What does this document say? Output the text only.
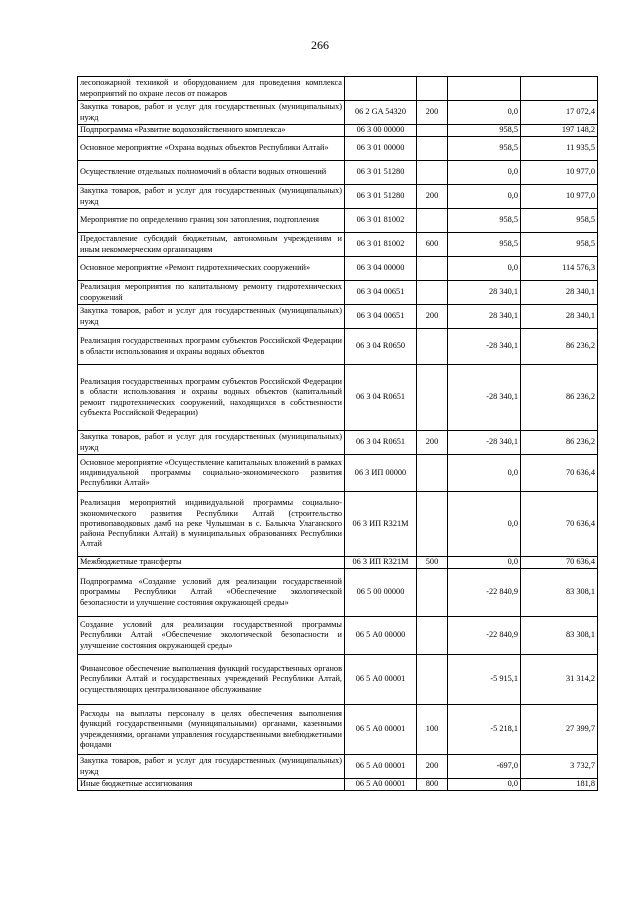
266
лесопожарной техникой и оборудованием для проведения комплекса мероприятий по охране лесов от пожаров				
Закупка товаров, работ и услуг для государственных (муниципальных) нужд	06 2 GA 54320	200	0,0	17 072,4
Подпрограмма «Развитие водохозяйственного комплекса»	06 3 00 00000		958,5	197 148,2
Основное мероприятие «Охрана водных объектов Республики Алтай»	06 3 01 00000		958,5	11 935,5
Осуществление отдельных полномочий в области водных отношений	06 3 01 51280		0,0	10 977,0
Закупка товаров, работ и услуг для государственных (муниципальных) нужд	06 3 01 51280	200	0,0	10 977,0
Мероприятие по определению границ зон затопления, подтопления	06 3 01 81002		958,5	958,5
Предоставление субсидий бюджетным, автономным учреждениям и иным некоммерческим организациям	06 3 01 81002	600	958,5	958,5
Основное мероприятие «Ремонт гидротехнических сооружений»	06 3 04 00000		0,0	114 576,3
Реализация мероприятия по капитальному ремонту гидротехнических сооружений	06 3 04 00651		28 340,1	28 340,1
Закупка товаров, работ и услуг для государственных (муниципальных) нужд	06 3 04 00651	200	28 340,1	28 340,1
Реализация государственных программ субъектов Российской Федерации в области использования и охраны водных объектов	06 3 04 R0650		-28 340,1	86 236,2
Реализация государственных программ субъектов Российской Федерации в области использования и охраны водных объектов (капитальный ремонт гидротехнических сооружений, находящихся в собственности субъекта Российской Федерации)	06 3 04 R0651		-28 340,1	86 236,2
Закупка товаров, работ и услуг для государственных (муниципальных) нужд	06 3 04 R0651	200	-28 340,1	86 236,2
Основное мероприятие «Осуществление капитальных вложений в рамках индивидуальной программы социально-экономического развития Республики Алтай»	06 3 ИП 00000		0,0	70 636,4
Реализация мероприятий индивидуальной программы социально-экономического развития Республики Алтай (строительство противопаводковых дамб на реке Чулышман в с. Балыкча Улаганского района Республики Алтай) в муниципальных образованиях Республики Алтай	06 3 ИП R321M		0,0	70 636,4
Межбюджетные трансферты	06 3 ИП R321M	500	0,0	70 636,4
Подпрограмма «Создание условий для реализации государственной программы Республики Алтай «Обеспечение экологической безопасности и улучшение состояния окружающей среды»	06 5 00 00000		-22 840,9	83 308,1
Создание условий для реализации государственной программы Республики Алтай «Обеспечение экологической безопасности и улучшение состояния окружающей среды»	06 5 А0 00000		-22 840,9	83 308,1
Финансовое обеспечение выполнения функций государственных органов Республики Алтай и государственных учреждений Республики Алтай, осуществляющих централизованное обслуживание	06 5 А0 00001		-5 915,1	31 314,2
Расходы на выплаты персоналу в целях обеспечения выполнения функций государственными (муниципальными) органами, казенными учреждениями, органами управления государственными внебюджетными фондами	06 5 А0 00001	100	-5 218,1	27 399,7
Закупка товаров, работ и услуг для государственных (муниципальных) нужд	06 5 А0 00001	200	-697,0	3 732,7
Иные бюджетные ассигнования	06 5 А0 00001	800	0,0	181,8
